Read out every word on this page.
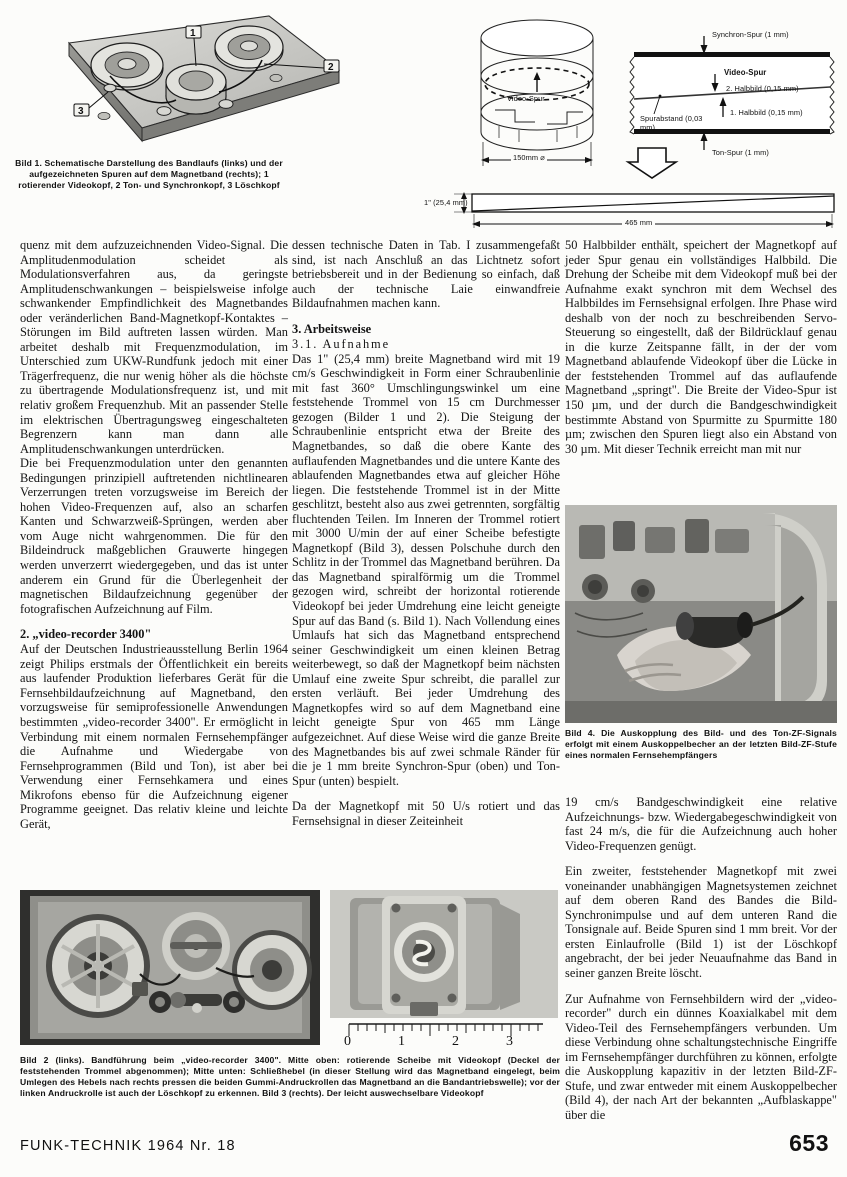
1
2
3
Bild 1. Schematische Darstellung des Bandlaufs (links) und der aufgezeichneten Spuren auf dem Magnetband (rechts); 1 rotierender Videokopf, 2 Ton- und Synchronkopf, 3 Löschkopf
Video-Spur
150mm ⌀
Synchron-Spur (1 mm)
Video-Spur
2. Halbbild (0,15 mm)
1. Halbbild (0,15 mm)
Spurabstand (0,03 mm)
Ton-Spur (1 mm)
1" (25,4 mm)
465 mm

quenz mit dem aufzuzeichnenden Video-Signal. Die Amplitudenmodulation scheidet als Modulationsverfahren aus, da geringste Amplitudenschwankungen – beispielsweise infolge schwankender Empfindlichkeit des Magnetbandes oder veränderlichen Band-Magnetkopf-Kontaktes – Störungen im Bild auftreten lassen würden. Man arbeitet deshalb mit Frequenzmodulation, im Unterschied zum UKW-Rundfunk jedoch mit einer Trägerfrequenz, die nur wenig höher als die höchste zu übertragende Modulationsfrequenz ist, und mit relativ großem Frequenzhub. Mit an passender Stelle im elektrischen Übertragungsweg eingeschalteten Begrenzern kann man dann alle Amplitudenschwankungen unterdrücken.

Die bei Frequenzmodulation unter den genannten Bedingungen prinzipiell auftretenden nichtlinearen Verzerrungen treten vorzugsweise im Bereich der hohen Video-Frequenzen auf, also an scharfen Kanten und Schwarzweiß-Sprüngen, werden aber vom Auge nicht wahrgenommen. Die für den Bildeindruck maßgeblichen Grauwerte hingegen werden unverzerrt wiedergegeben, und das ist unter anderem ein Grund für die Überlegenheit der magnetischen Bildaufzeichnung gegenüber der fotografischen Aufzeichnung auf Film.

2. „video-recorder 3400"

Auf der Deutschen Industrieausstellung Berlin 1964 zeigt Philips erstmals der Öffentlichkeit ein bereits aus laufender Produktion lieferbares Gerät für die Fernsehbildaufzeichnung auf Magnetband, den vorzugsweise für semiprofessionelle Anwendungen bestimmten „video-recorder 3400". Er ermöglicht in Verbindung mit einem normalen Fernsehempfänger die Aufnahme und Wiedergabe von Fernsehprogrammen (Bild und Ton), ist aber bei Verwendung einer Fernsehkamera und eines Mikrofons ebenso für die Aufzeichnung eigener Programme geeignet. Das relativ kleine und leichte Gerät,

dessen technische Daten in Tab. I zusammengefaßt sind, ist nach Anschluß an das Lichtnetz sofort betriebsbereit und in der Bedienung so einfach, daß auch der technische Laie einwandfreie Bildaufnahmen machen kann.

3. Arbeitsweise
3.1. Aufnahme

Das 1" (25,4 mm) breite Magnetband wird mit 19 cm/s Geschwindigkeit in Form einer Schraubenlinie mit fast 360° Umschlingungswinkel um eine feststehende Trommel von 15 cm Durchmesser gezogen (Bilder 1 und 2). Die Steigung der Schraubenlinie entspricht etwa der Breite des Magnetbandes, so daß die obere Kante des auflaufenden Magnetbandes und die untere Kante des ablaufenden Magnetbandes etwa auf gleicher Höhe liegen. Die feststehende Trommel ist in der Mitte geschlitzt, besteht also aus zwei getrennten, sorgfältig fluchtenden Teilen. Im Inneren der Trommel rotiert mit 3000 U/min der auf einer Scheibe befestigte Magnetkopf (Bild 3), dessen Polschuhe durch den Schlitz in der Trommel das Magnetband berühren. Da das Magnetband spiralförmig um die Trommel gezogen wird, schreibt der horizontal rotierende Videokopf bei jeder Umdrehung eine leicht geneigte Spur auf das Band (s. Bild 1). Nach Vollendung eines Umlaufs hat sich das Magnetband entsprechend seiner Geschwindigkeit um einen kleinen Betrag weiterbewegt, so daß der Magnetkopf beim nächsten Umlauf eine zweite Spur schreibt, die parallel zur ersten verläuft. Bei jeder Umdrehung des Magnetkopfes wird so auf dem Magnetband eine leicht geneigte Spur von 465 mm Länge aufgezeichnet. Auf diese Weise wird die ganze Breite des Magnetbandes bis auf zwei schmale Ränder für die je 1 mm breite Synchron-Spur (oben) und Ton-Spur (unten) bespielt.

Da der Magnetkopf mit 50 U/s rotiert und das Fernsehsignal in dieser Zeiteinheit

50 Halbbilder enthält, speichert der Magnetkopf auf jeder Spur genau ein vollständiges Halbbild. Die Drehung der Scheibe mit dem Videokopf muß bei der Aufnahme exakt synchron mit dem Wechsel des Halbbildes im Fernsehsignal erfolgen. Ihre Phase wird deshalb von der noch zu beschreibenden Servo-Steuerung so eingestellt, daß der Bildrücklauf genau in die kurze Zeitspanne fällt, in der der vom Magnetband ablaufende Videokopf über die Lücke in der feststehenden Trommel auf das auflaufende Magnetband „springt". Die Breite der Video-Spur ist 150 µm, und der durch die Bandgeschwindigkeit bestimmte Abstand von Spurmitte zu Spurmitte 180 µm; zwischen den Spuren liegt also ein Abstand von 30 µm. Mit dieser Technik erreicht man mit nur

Bild 4. Die Auskopplung des Bild- und des Ton-ZF-Signals erfolgt mit einem Auskoppelbecher an der letzten Bild-ZF-Stufe eines normalen Fernsehempfängers

19 cm/s Bandgeschwindigkeit eine relative Aufzeichnungs- bzw. Wiedergabegeschwindigkeit von fast 24 m/s, die für die Aufzeichnung auch hoher Video-Frequenzen genügt.

Ein zweiter, feststehender Magnetkopf mit zwei voneinander unabhängigen Magnetsystemen zeichnet auf dem oberen Rand des Bandes die Bild-Synchronimpulse und auf dem unteren Rand die Tonsignale auf. Beide Spuren sind 1 mm breit. Vor der ersten Einlaufrolle (Bild 1) ist der Löschkopf angebracht, der bei jeder Neuaufnahme das Band in seiner ganzen Breite löscht.

Zur Aufnahme von Fernsehbildern wird der „video-recorder" durch ein dünnes Koaxialkabel mit dem Video-Teil des Fernsehempfängers verbunden. Um diese Verbindung ohne schaltungstechnische Eingriffe im Fernsehempfänger durchführen zu können, erfolgte die Auskopplung kapazitiv in der letzten Bild-ZF-Stufe, und zwar entweder mit einem Auskoppelbecher (Bild 4), der nach Art der bekannten „Aufblaskappe" über die

0	1	2	3
Bild 2 (links). Bandführung beim „video-recorder 3400". Mitte oben: rotierende Scheibe mit Videokopf (Deckel der feststehenden Trommel abgenommen); Mitte unten: Schließhebel (in dieser Stellung wird das Magnetband eingelegt, beim Umlegen des Hebels nach rechts pressen die beiden Gummi-Andruckrollen das Magnetband an die Bandantriebswelle); vor der linken Andruckrolle ist auch der Löschkopf zu erkennen. Bild 3 (rechts). Der leicht auswechselbare Videokopf
FUNK-TECHNIK 1964 Nr. 18	653
